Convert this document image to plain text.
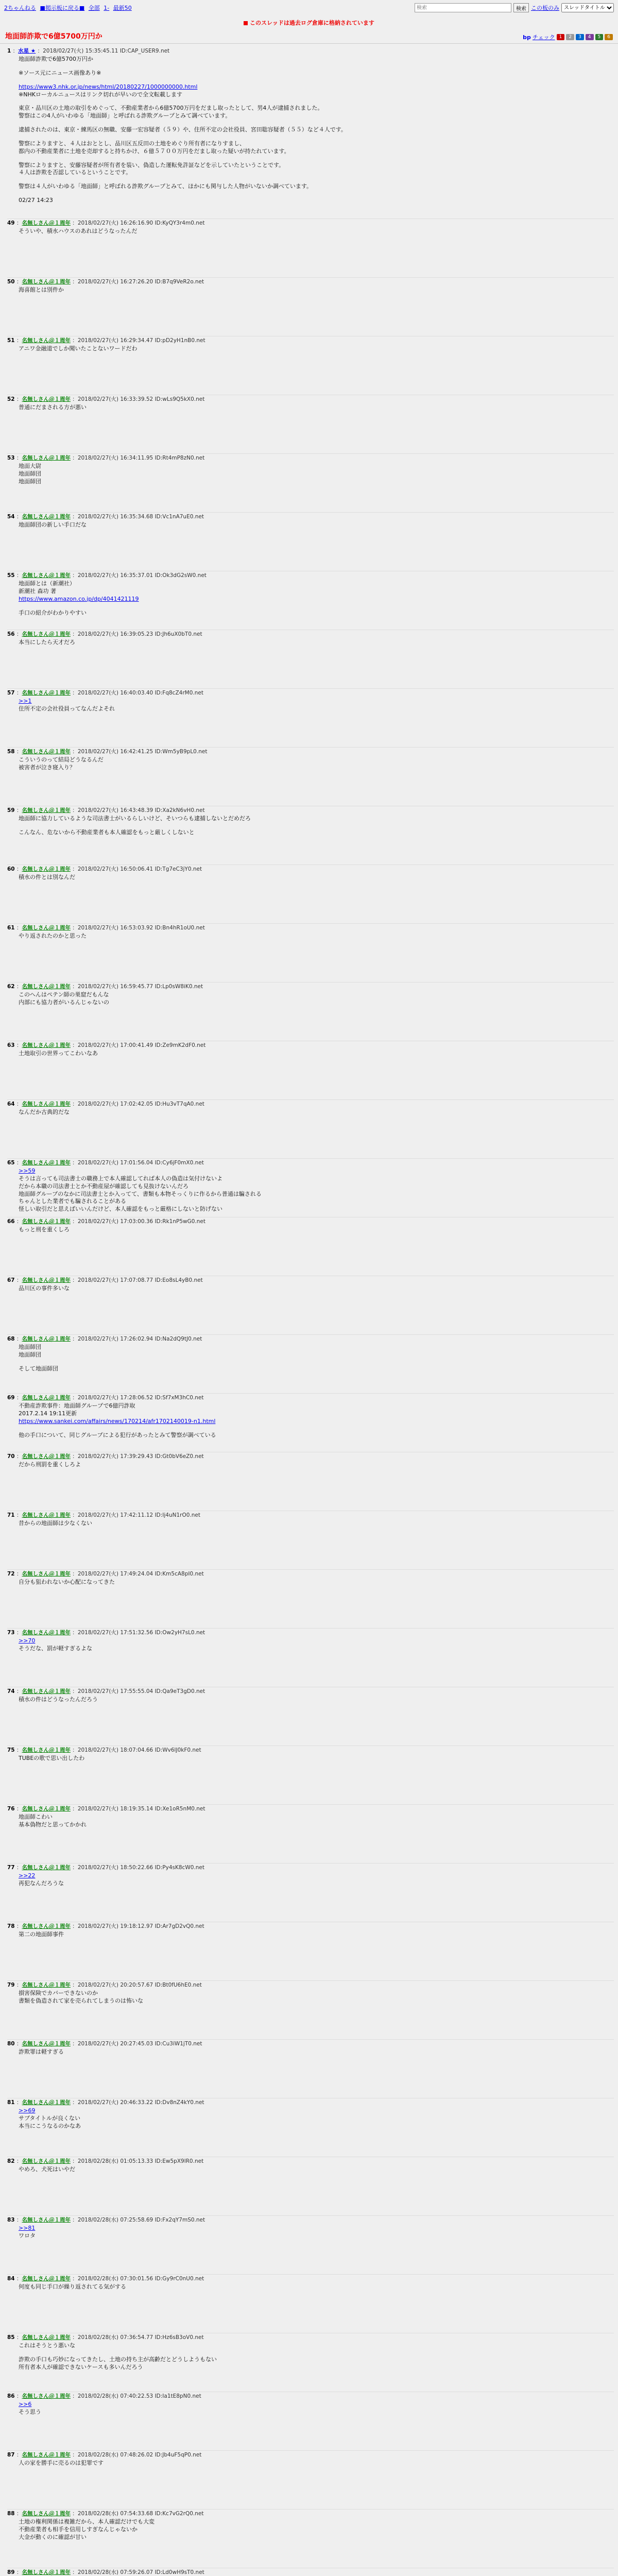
2ちゃんねる ■掲示板に戻る■ 全部 1- 最新50
検索	検索 この板のみ
スレッドタイトル
このスレッドは過去ログ倉庫に格納されています
地面師詐欺で6億5700万円か	bp チェック 1	2	3	4	5	6
1 ：水星 ★ ：2018/02/27(火) 15:35:45.11 ID:CAP_USER9.net
地面師詐欺で6億5700万円か
※ソース元にニュース画像あり※
https://www3.nhk.or.jp/news/html/20180227/1000000000.html
※NHKローカルニュースはリンク切れが早いので全文転載します
東京・品川区の土地の取引をめぐって、不動産業者から6億5700万円をだまし取ったとして、男4人が逮捕されました。
警察はこの4人がいわゆる「地面師」と呼ばれる詐欺グループとみて調べています。
逮捕されたのは、東京・練馬区の無職、安藤一宏容疑者（５９）や、住所不定の会社役員、宮田聡容疑者（５５）など４人です。
警察によりますと、４人はおととし、品川区五反田の土地をめぐり所有者になりすまし、
都内の不動産業者に土地を売却すると持ちかけ、６億５７００万円をだまし取った疑いが持たれています。
警察によりますと、安藤容疑者が所有者を装い、偽造した運転免許証などを示していたということです。
４人は詐欺を否認しているということです。
警察は４人がいわゆる「地面師」と呼ばれる詐欺グループとみて、ほかにも関与した人物がいないか調べています。
02/27 14:23
49 ：名無しさん＠１周年 ：2018/02/27(火) 16:26:16.90 ID:KyQY3r4m0.net
そういや、積水ハウスのあれはどうなったんだ
50 ：名無しさん＠１周年 ：2018/02/27(火) 16:27:26.20 ID:B7q9VeR2o.net
海喜館とは別件か
51 ：名無しさん＠１周年 ：2018/02/27(火) 16:29:34.47 ID:pD2yH1nB0.net
アニワ金融道でしか聞いたことないワードだわ
52 ：名無しさん＠１周年 ：2018/02/27(火) 16:33:39.52 ID:wLs9Q5kX0.net
普通にだまされる方が悪い
53 ：名無しさん＠１周年 ：2018/02/27(火) 16:34:11.95 ID:Rt4mP8zN0.net
地面大尉
地面師団
地面師団
54 ：名無しさん＠１周年 ：2018/02/27(火) 16:35:34.68 ID:Vc1nA7uE0.net
地面師団の新しい手口だな
55 ：名無しさん＠１周年 ：2018/02/27(火) 16:35:37.01 ID:Ok3dG2sW0.net
地面師とは（新潮社）
新潮社 森功 著
https://www.amazon.co.jp/dp/4041421119
手口の紹介がわかりやすい
56 ：名無しさん＠１周年 ：2018/02/27(火) 16:39:05.23 ID:Jh6uX0bT0.net
本当にしたら天才だろ
57 ：名無しさん＠１周年 ：2018/02/27(火) 16:40:03.40 ID:Fq8cZ4rM0.net
>>1
住所不定の会社役員ってなんだよそれ
58 ：名無しさん＠１周年 ：2018/02/27(火) 16:42:41.25 ID:Wm5yB9pL0.net
こういうのって結局どうなるんだ
被害者が泣き寝入り？
59 ：名無しさん＠１周年 ：2018/02/27(火) 16:43:48.39 ID:Xa2kN6vH0.net
地面師に協力しているような司法書士がいるらしいけど、そいつらも逮捕しないとだめだろ
こんなん、危ないから不動産業者も本人確認をもっと厳しくしないと
60 ：名無しさん＠１周年 ：2018/02/27(火) 16:50:06.41 ID:Tg7eC3jY0.net
積水の件とは別なんだ
61 ：名無しさん＠１周年 ：2018/02/27(火) 16:53:03.92 ID:Bn4hR1oU0.net
やり返されたのかと思った
62 ：名無しさん＠１周年 ：2018/02/27(火) 16:59:45.77 ID:Lp0sW8iK0.net
このへんはぺテン師の巣窟だもんな
内部にも協力者がいるんじゃないの
63 ：名無しさん＠１周年 ：2018/02/27(火) 17:00:41.49 ID:Ze9mK2dF0.net
土地取引の世界ってこわいなあ
64 ：名無しさん＠１周年 ：2018/02/27(火) 17:02:42.05 ID:Hu3vT7qA0.net
なんだか古典的だな
65 ：名無しさん＠１周年 ：2018/02/27(火) 17:01:56.04 ID:Cy6jF0mX0.net
>>59
そうは言っても司法書士の職務上で本人確認してれば本人の偽造は気付けないよ
だから本職の司法書士とか不動産屋が確認しても見抜けないんだろ
地面師グループのなかに司法書士とか入ってて、書類も本物そっくりに作るから普通は騙される
ちゃんとした業者でも騙されることがある
怪しい取引だと思えばいいんだけど、本人確認をもっと厳格にしないと防げない
66 ：名無しさん＠１周年 ：2018/02/27(火) 17:03:00.36 ID:Rk1nP5wG0.net
もっと刑を重くしろ
67 ：名無しさん＠１周年 ：2018/02/27(火) 17:07:08.77 ID:Eo8sL4yB0.net
品川区の事件多いな
68 ：名無しさん＠１周年 ：2018/02/27(火) 17:26:02.94 ID:Na2dQ9tJ0.net
地面師団
地面師団
そして地面師団
69 ：名無しさん＠１周年 ：2018/02/27(火) 17:28:06.52 ID:Sf7xM3hC0.net
不動産詐欺事件：地面師グループで6億円詐取
2017.2.14 19:11更新
https://www.sankei.com/affairs/news/170214/afr1702140019-n1.html
他の手口について、同じグループによる犯行があったとみて警察が調べている
70 ：名無しさん＠１周年 ：2018/02/27(火) 17:39:29.43 ID:Gt0bV6eZ0.net
だから刑罰を重くしろよ
71 ：名無しさん＠１周年 ：2018/02/27(火) 17:42:11.12 ID:Ij4uN1rO0.net
昔からの地面師は少なくない
72 ：名無しさん＠１周年 ：2018/02/27(火) 17:49:24.04 ID:Km5cA8pI0.net
自分も狙われないか心配になってきた
73 ：名無しさん＠１周年 ：2018/02/27(火) 17:51:32.56 ID:Ow2yH7sL0.net
>>70
そうだな、罰が軽すぎるよな
74 ：名無しさん＠１周年 ：2018/02/27(火) 17:55:55.04 ID:Qa9eT3gD0.net
積水の件はどうなったんだろう
75 ：名無しさん＠１周年 ：2018/02/27(火) 18:07:04.66 ID:Wv6lJ0kF0.net
TUBEの歌で思い出したわ
76 ：名無しさん＠１周年 ：2018/02/27(火) 18:19:35.14 ID:Xe1oR5nM0.net
地面師こわい
基本偽物だと思ってかかれ
77 ：名無しさん＠１周年 ：2018/02/27(火) 18:50:22.66 ID:Py4sK8cW0.net
>>22
再犯なんだろうな
78 ：名無しさん＠１周年 ：2018/02/27(火) 19:18:12.97 ID:Ar7gD2vQ0.net
第二の地面師事件
79 ：名無しさん＠１周年 ：2018/02/27(火) 20:20:57.67 ID:Bt0fU6hE0.net
損害保険でカバーできないのか
書類を偽造されて家を売られてしまうのは怖いな
80 ：名無しさん＠１周年 ：2018/02/27(火) 20:27:45.03 ID:Cu3iW1jT0.net
詐欺罪は軽すぎる
81 ：名無しさん＠１周年 ：2018/02/27(火) 20:46:33.22 ID:Dv8nZ4kY0.net
>>69
サブタイトルが良くない
本当にこうなるのかなあ
82 ：名無しさん＠１周年 ：2018/02/28(水) 01:05:13.33 ID:Ew5pX9lR0.net
やめろ、犬死はいやだ
83 ：名無しさん＠１周年 ：2018/02/28(水) 07:25:58.69 ID:Fx2qY7mS0.net
>>81
ワロタ
84 ：名無しさん＠１周年 ：2018/02/28(水) 07:30:01.56 ID:Gy9rC0nU0.net
何度も同じ手口が繰り返されてる気がする
85 ：名無しさん＠１周年 ：2018/02/28(水) 07:36:54.77 ID:Hz6sB3oV0.net
これはそうとう悪いな
詐欺の手口も巧妙になってきたし、土地の持ち主が高齢だとどうしようもない
所有者本人が確認できないケースも多いんだろう
86 ：名無しさん＠１周年 ：2018/02/28(水) 07:40:22.53 ID:Ia1tE8pN0.net
>>6
そう思う
87 ：名無しさん＠１周年 ：2018/02/28(水) 07:48:26.02 ID:Jb4uF5qP0.net
人の家を勝手に売るのは犯罪です
88 ：名無しさん＠１周年 ：2018/02/28(水) 07:54:33.68 ID:Kc7vG2rQ0.net
土地の権利関係は複雑だから、本人確認だけでも大変
不動産業者も相手を信用しすぎなんじゃないか
大金が動くのに確認が甘い
89 ：名無しさん＠１周年 ：2018/02/28(水) 07:59:26.07 ID:Ld0wH9sT0.net
